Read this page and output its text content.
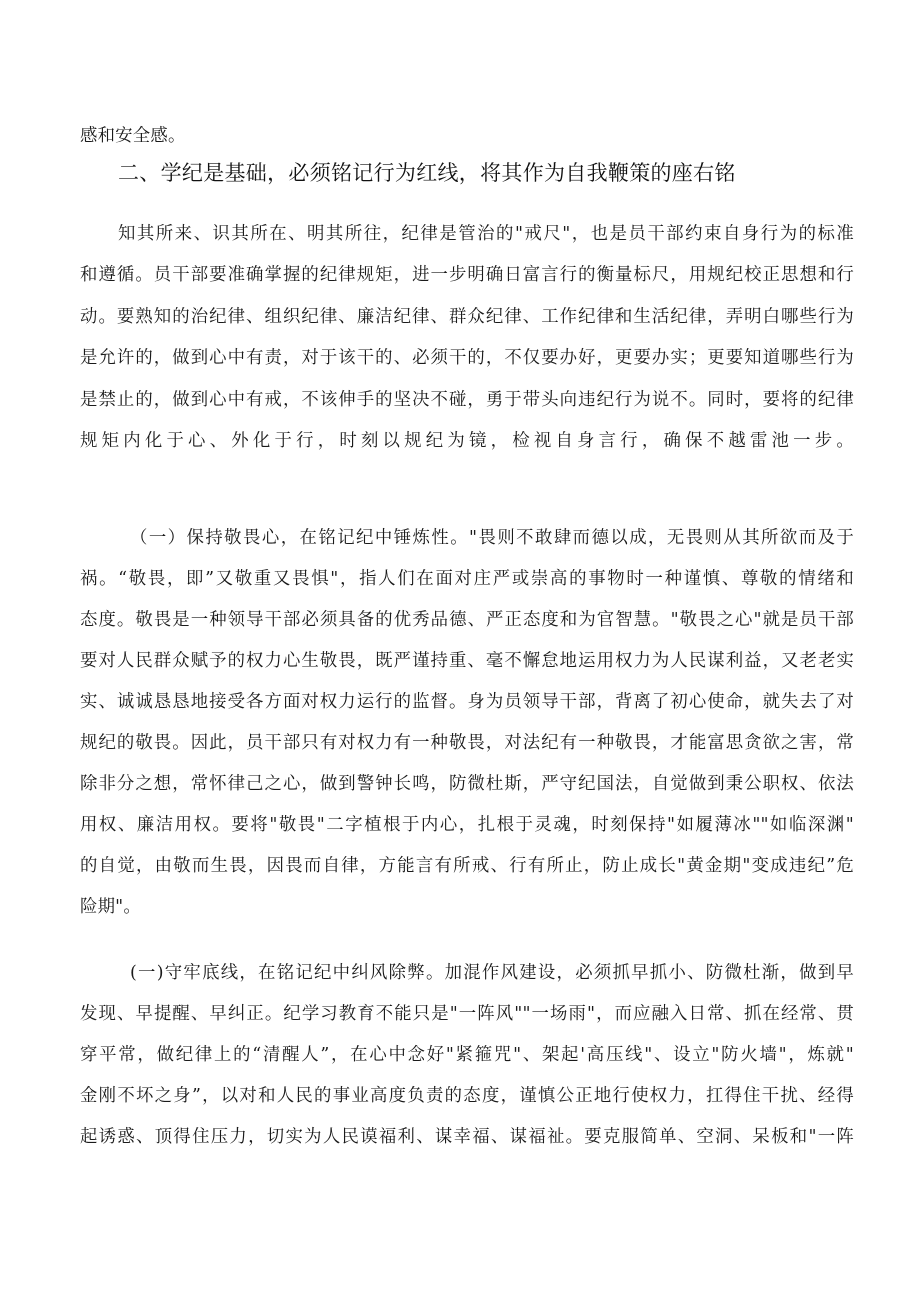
感和安全感。
二、学纪是基础，必须铭记行为红线，将其作为自我鞭策的座右铭
知其所来、识其所在、明其所往，纪律是管治的"戒尺"，也是员干部约束自身行为的标准
和遵循。员干部要准确掌握的纪律规矩，进一步明确日富言行的衡量标尺，用规纪校正思想和行
动。要熟知的治纪律、组织纪律、廉洁纪律、群众纪律、工作纪律和生活纪律，弄明白哪些行为
是允许的，做到心中有责，对于该干的、必须干的，不仅要办好，更要办实；更要知道哪些行为
是禁止的，做到心中有戒，不该伸手的坚决不碰，勇于带头向违纪行为说不。同时，要将的纪律
规矩内化于心、外化于行，时刻以规纪为镜，检视自身言行，确保不越雷池一步。
（一）保持敬畏心，在铭记纪中锤炼性。"畏则不敢肆而德以成，无畏则从其所欲而及于
祸。“敬畏，即”又敬重又畏惧"，指人们在面对庄严或崇高的事物时一种谨慎、尊敬的情绪和
态度。敬畏是一种领导干部必须具备的优秀品德、严正态度和为官智慧。"敬畏之心"就是员干部
要对人民群众赋予的权力心生敬畏，既严谨持重、毫不懈怠地运用权力为人民谋利益，又老老实
实、诚诚恳恳地接受各方面对权力运行的监督。身为员领导干部，背离了初心使命，就失去了对
规纪的敬畏。因此，员干部只有对权力有一种敬畏，对法纪有一种敬畏，才能富思贪欲之害，常
除非分之想，常怀律己之心，做到警钟长鸣，防微杜斯，严守纪国法，自觉做到秉公职权、依法
用权、廉洁用权。要将"敬畏"二字植根于内心，扎根于灵魂，时刻保持"如履薄冰""如临深渊"
的自觉，由敬而生畏，因畏而自律，方能言有所戒、行有所止，防止成长"黄金期"变成违纪”危
险期"。
(一)守牢底线，在铭记纪中纠风除弊。加混作风建设，必须抓早抓小、防微杜渐，做到早
发现、早提醒、早纠正。纪学习教育不能只是"一阵风""一场雨"，而应融入日常、抓在经常、贯
穿平常，做纪律上的“清醒人”，在心中念好"紧箍咒"、架起'高压线"、设立"防火墙"，炼就"
金刚不坏之身”，以对和人民的事业高度负责的态度，谨慎公正地行使权力，扛得住干扰、经得
起诱惑、顶得住压力，切实为人民谟福利、谋幸福、谋福祉。要克服简单、空洞、呆板和"一阵
